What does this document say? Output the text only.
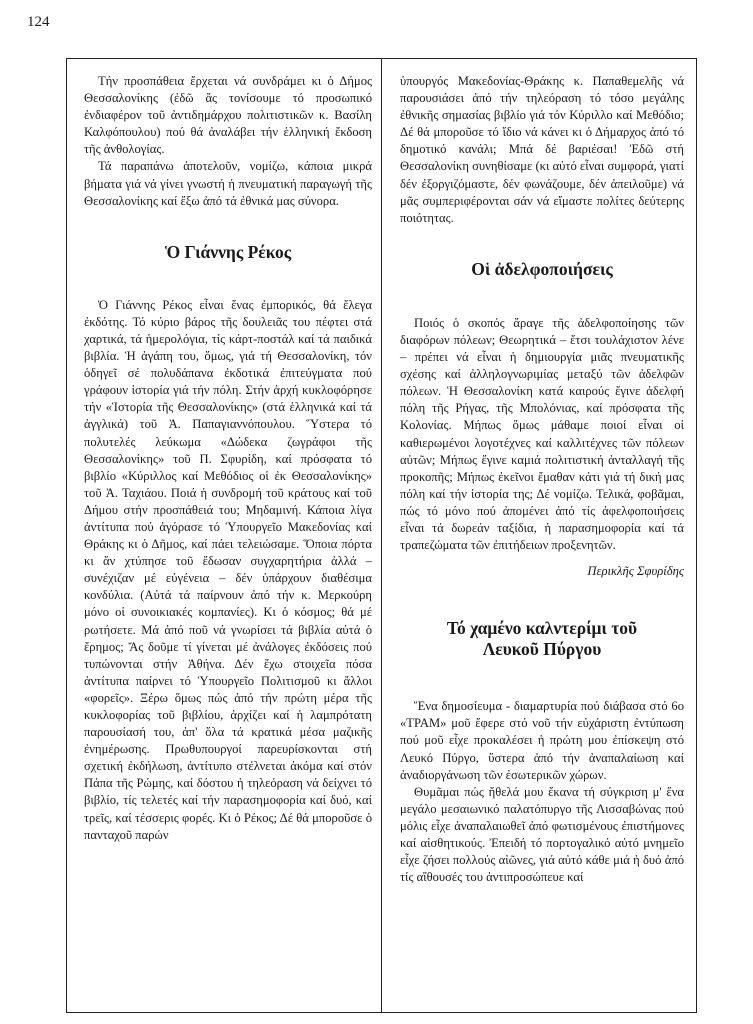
124

Τήν προσπάθεια ἔρχεται νά συνδράμει κι ὁ Δήμος Θεσσαλονίκης (ἐδῶ ἄς τονίσουμε τό προσωπικό ἐνδιαφέρον τοῦ ἀντιδημάρχου πολιτιστικῶν κ. Βασίλη Καλφόπουλου) πού θά ἀναλάβει τήν ἑλληνική ἔκδοση τῆς ἀνθολογίας.

Τά παραπάνω ἀποτελοῦν, νομίζω, κάποια μικρά βήματα γιά νά γίνει γνωστή ἡ πνευματική παραγωγή τῆς Θεσσαλονίκης καί ἔξω ἀπό τά ἐθνικά μας σύνορα.

Ὁ Γιάννης Ρέκος

Ὁ Γιάννης Ρέκος εἶναι ἕνας ἐμπορικός, θά ἔλεγα ἐκδότης. Τό κύριο βάρος τῆς δουλειᾶς του πέφτει στά χαρτικά, τά ἡμερολόγια, τίς κάρτ-ποστάλ καί τά παιδικά βιβλία. Ἡ ἀγάπη του, ὅμως, γιά τή Θεσσαλονίκη, τόν ὁδηγεῖ σέ πολυδάπανα ἐκδοτικά ἐπιτεύγματα πού γράφουν ἱστορία γιά τήν πόλη. Στήν ἀρχή κυκλοφόρησε τήν «Ἱστορία τῆς Θεσσαλονίκης» (στά ἑλληνικά καί τά ἀγγλικά) τοῦ Ἀ. Παπαγιαννόπουλου. Ὕστερα τό πολυτελές λεύκωμα «Δώδεκα ζωγράφοι τῆς Θεσσαλονίκης» τοῦ Π. Σφυρίδη, καί πρόσφατα τό βιβλίο «Κύριλλος καί Μεθόδιος οἱ ἐκ Θεσσαλονίκης» τοῦ Ἀ. Ταχιάου. Ποιά ἡ συνδρομή τοῦ κράτους καί τοῦ Δήμου στήν προσπάθειά του; Μηδαμινή. Κάποια λίγα ἀντίτυπα πού ἀγόρασε τό Ὑπουργεῖο Μακεδονίας καί Θράκης κι ὁ Δῆμος, καί πάει τελειώσαμε. Ὅποια πόρτα κι ἄν χτύπησε τοῦ ἔδωσαν συγχαρητήρια ἀλλά – συνέχιζαν μέ εὐγένεια – δέν ὑπάρχουν διαθέσιμα κονδύλια. (Αὐτά τά παίρνουν ἀπό τήν κ. Μερκούρη μόνο οἱ συνοικιακές κομπανίες). Κι ὁ κόσμος; θά μέ ρωτήσετε. Μά ἀπό ποῦ νά γνωρίσει τά βιβλία αὐτά ὁ ἔρημος; Ἄς δοῦμε τί γίνεται μέ ἀνάλογες ἐκδόσεις πού τυπώνονται στήν Ἀθήνα. Δέν ἔχω στοιχεῖα πόσα ἀντίτυπα παίρνει τό Ὑπουργεῖο Πολιτισμοῦ κι ἄλλοι «φορεῖς». Ξέρω ὅμως πώς ἀπό τήν πρώτη μέρα τῆς κυκλοφορίας τοῦ βιβλίου, ἀρχίζει καί ἡ λαμπρότατη παρουσίασή του, ἀπ' ὅλα τά κρατικά μέσα μαζικῆς ἐνημέρωσης. Πρωθυπουργοί παρευρίσκονται στή σχετική ἐκδήλωση, ἀντίτυπο στέλνεται ἀκόμα καί στόν Πάπα τῆς Ρώμης, καί δόστου ἡ τηλεόραση νά δείχνει τό βιβλίο, τίς τελετές καί τήν παρασημοφορία καί δυό, καί τρεῖς, καί τέσσερις φορές. Κι ὁ Ρέκος; Δέ θά μποροῦσε ὁ πανταχοῦ παρών

ὑπουργός Μακεδονίας-Θράκης κ. Παπαθεμελῆς νά παρουσιάσει ἀπό τήν τηλεόραση τό τόσο μεγάλης ἐθνικῆς σημασίας βιβλίο γιά τόν Κύριλλο καί Μεθόδιο; Δέ θά μποροῦσε τό ἴδιο νά κάνει κι ὁ Δήμαρχος ἀπό τό δημοτικό κανάλι; Μπά δέ βαριέσαι! Ἐδῶ στή Θεσσαλονίκη συνηθίσαμε (κι αὐτό εἶναι συμφορά, γιατί δέν ἐξοργιζόμαστε, δέν φωνάζουμε, δέν ἀπειλοῦμε) νά μᾶς συμπεριφέρονται σάν νά εἴμαστε πολίτες δεύτερης ποιότητας.

Οἱ ἀδελφοποιήσεις

Ποιός ὁ σκοπός ἄραγε τῆς ἀδελφοποίησης τῶν διαφόρων πόλεων; Θεωρητικά – ἔτσι τουλάχιστον λένε – πρέπει νά εἶναι ἡ δημιουργία μιᾶς πνευματικῆς σχέσης καί ἀλληλογνωριμίας μεταξύ τῶν ἀδελφῶν πόλεων. Ἡ Θεσσαλονίκη κατά καιρούς ἔγινε ἀδελφή πόλη τῆς Ρήγας, τῆς Μπολόνιας, καί πρόσφατα τῆς Κολονίας. Μήπως ὅμως μάθαμε ποιοί εἶναι οἱ καθιερωμένοι λογοτέχνες καί καλλιτέχνες τῶν πόλεων αὐτῶν; Μήπως ἔγινε καμιά πολιτιστική ἀνταλλαγή τῆς προκοπῆς; Μήπως ἐκεῖνοι ἔμαθαν κάτι γιά τή δική μας πόλη καί τήν ἱστορία της; Δέ νομίζω. Τελικά, φοβᾶμαι, πώς τό μόνο πού ἀπομένει ἀπό τίς ἀφελφοποιήσεις εἶναι τά δωρεάν ταξίδια, ἡ παρασημοφορία καί τά τραπεζώματα τῶν ἐπιτήδειων προξενητῶν.

Περικλῆς Σφυρίδης

Τό χαμένο καλντερίμι τοῦ Λευκοῦ Πύργου

Ἕνα δημοσίευμα - διαμαρτυρία πού διάβασα στό 6ο «ΤΡΑΜ» μοῦ ἔφερε στό νοῦ τήν εὐχάριστη ἐντύπωση πού μοῦ εἶχε προκαλέσει ἡ πρώτη μου ἐπίσκεψη στό Λευκό Πύργο, ὕστερα ἀπό τήν ἀναπαλαίωση καί ἀναδιοργάνωση τῶν ἐσωτερικῶν χώρων.

Θυμᾶμαι πώς ἤθελά μου ἔκανα τή σύγκριση μ' ἕνα μεγάλο μεσαιωνικό παλατόπυργο τῆς Λισσαβώνας πού μόλις εἶχε ἀναπαλαιωθεῖ ἀπό φωτισμένους ἐπιστήμονες καί αἰσθητικούς. Ἐπειδή τό πορτογαλικό αὐτό μνημεῖο εἶχε ζήσει πολλούς αἰῶνες, γιά αὐτό κάθε μιά ἡ δυό ἀπό τίς αἴθουσές του ἀντιπροσώπευε καί
